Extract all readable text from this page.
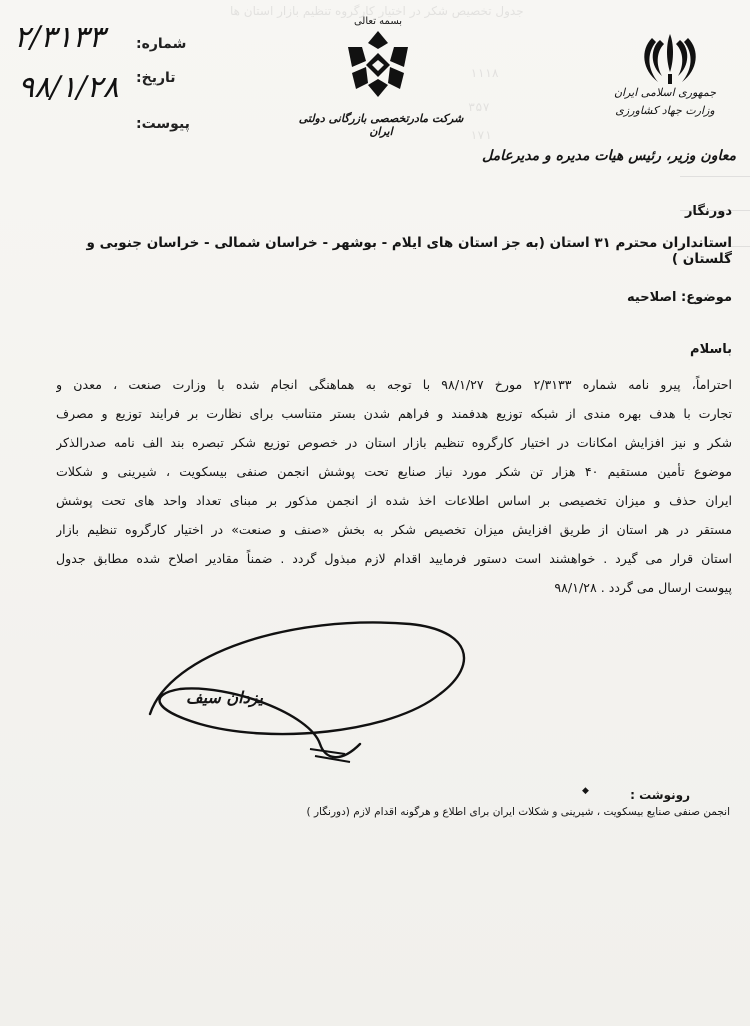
جدول تخصیص شکر در اختیار کارگروه تنظیم بازار استان ها
۱۱۱۸
۳۵۷
۱۷۱
شماره:
تاریخ:
پیوست:
۲/۳۱۳۳
۹۸/۱/۲۸
بسمه تعالی
شرکت مادرتخصصی بازرگانی دولتی ایران
جمهوری اسلامی ایران
وزارت جهاد کشاورزی
معاون وزیر، رئیس هیات مدیره و مدیرعامل
دورنگار
استانداران محترم ۳۱ استان (به جز استان های ایلام - بوشهر - خراسان شمالی - خراسان جنوبی و گلستان )
موضوع: اصلاحیه
باسلام
احتراماً، پیرو نامه شماره ۲/۳۱۳۳ مورخ ۹۸/۱/۲۷ با توجه به هماهنگی انجام شده با وزارت صنعت ، معدن و
تجارت با هدف بهره مندی از شبکه توزیع هدفمند و فراهم شدن بستر متناسب برای نظارت بر فرایند توزیع و مصرف
شکر و نیز افزایش امکانات در اختیار کارگروه تنظیم بازار استان در خصوص توزیع شکر تبصره بند الف نامه صدرالذکر
موضوع تأمین مستقیم ۴۰ هزار تن شکر مورد نیاز صنایع تحت پوشش انجمن صنفی بیسکویت ، شیرینی و شکلات
ایران حذف و میزان تخصیصی بر اساس اطلاعات اخذ شده از انجمن مذکور بر مبنای تعداد واحد های تحت پوشش
مستقر در هر استان از طریق افزایش میزان تخصیص شکر به بخش «صنف و صنعت» در اختیار کارگروه تنظیم بازار
استان قرار می گیرد . خواهشند است دستور فرمایید اقدام لازم مبذول گردد . ضمناً مقادیر اصلاح شده مطابق جدول
پیوست ارسال می گردد . ۹۸/۱/۲۸
یزدان سیف
رونوشت :
◆
انجمن صنفی صنایع بیسکویت ، شیرینی و شکلات ایران برای اطلاع و هرگونه اقدام لازم (دورنگار )
